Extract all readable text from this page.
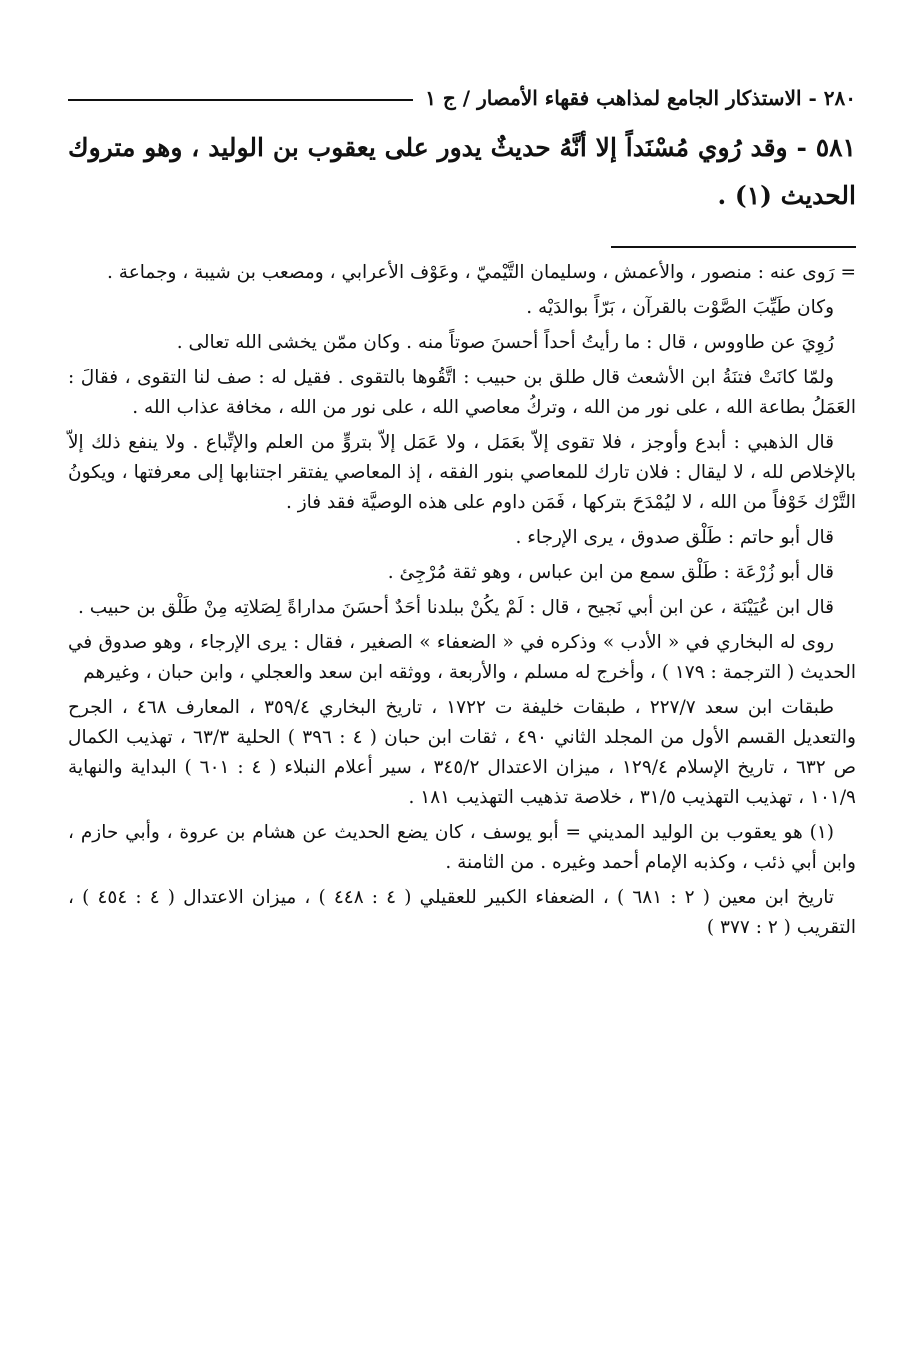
٢٨٠ - الاستذكار الجامع لمذاهب فقهاء الأمصار / ج ١
٥٨١ - وقد رُوي مُسْنَداً إلا أنَّهُ حديثٌ يدور على يعقوب بن الوليد ، وهو متروك الحديث (١) .

= رَوى عنه : منصور ، والأعمش ، وسليمان التَّيْميّ ، وعَوْف الأعرابي ، ومصعب بن شيبة ، وجماعة .

وكان طَيِّبَ الصَّوْت بالقرآن ، بَرّاً بوالدَيْه .

رُوِيَ عن طاووس ، قال : ما رأيتُ أحداً أحسنَ صوتاً منه . وكان ممّن يخشى الله تعالى .

ولمّا كانَتْ فتنَةُ ابن الأشعث قال طلق بن حبيب : اتَّقُوها بالتقوى . فقيل له : صف لنا التقوى ، فقالَ : العَمَلُ بطاعة الله ، على نور من الله ، وتركُ معاصي الله ، على نور من الله ، مخافة عذاب الله .

قال الذهبي : أبدع وأوجز ، فلا تقوى إلاّ بعَمَل ، ولا عَمَل إلاّ بتروٍّ من العلم والإتِّباع . ولا ينفع ذلك إلاّ بالإخلاص لله ، لا ليقال : فلان تارك للمعاصي بنور الفقه ، إذ المعاصي يفتقر اجتنابها إلى معرفتها ، ويكونُ التَّرْك خَوْفاً من الله ، لا ليُمْدَحَ بتركها ، فَمَن داوم على هذه الوصيَّة فقد فاز .

قال أبو حاتم : طَلْق صدوق ، يرى الإرجاء .

قال أبو زُرْعَة : طَلْق سمع من ابن عباس ، وهو ثقة مُرْجِئ .

قال ابن عُيَيْنَة ، عن ابن أبي نَجيح ، قال : لَمْ يكُنْ ببلدنا أحَدٌ أحسَنَ مداراةً لِصَلاتِه مِنْ طَلْق بن حبيب .

روى له البخاري في « الأدب » وذكره في « الضعفاء » الصغير ، فقال : يرى الإرجاء ، وهو صدوق في الحديث ( الترجمة : ١٧٩ ) ، وأخرج له مسلم ، والأربعة ، ووثقه ابن سعد والعجلي ، وابن حبان ، وغيرهم

طبقات ابن سعد ٢٢٧/٧ ، طبقات خليفة ت ١٧٢٢ ، تاريخ البخاري ٣٥٩/٤ ، المعارف ٤٦٨ ، الجرح والتعديل القسم الأول من المجلد الثاني ٤٩٠ ، ثقات ابن حبان ( ٤ : ٣٩٦ ) الحلية ٦٣/٣ ، تهذيب الكمال ص ٦٣٢ ، تاريخ الإسلام ١٢٩/٤ ، ميزان الاعتدال ٣٤٥/٢ ، سير أعلام النبلاء ( ٤ : ٦٠١ ) البداية والنهاية ١٠١/٩ ، تهذيب التهذيب ٣١/٥ ، خلاصة تذهيب التهذيب ١٨١ .

(١) هو يعقوب بن الوليد المديني = أبو يوسف ، كان يضع الحديث عن هشام بن عروة ، وأبي حازم ، وابن أبي ذئب ، وكذبه الإمام أحمد وغيره . من الثامنة .

تاريخ ابن معين ( ٢ : ٦٨١ ) ، الضعفاء الكبير للعقيلي ( ٤ : ٤٤٨ ) ، ميزان الاعتدال ( ٤ : ٤٥٤ ) ، التقريب ( ٢ : ٣٧٧ )
